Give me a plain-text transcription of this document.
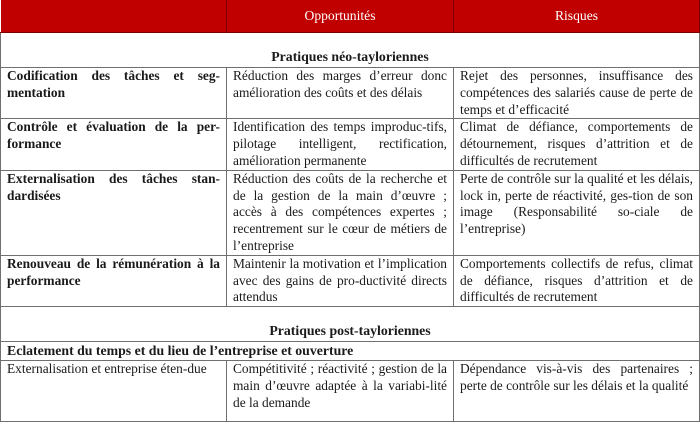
	Opportunités	Risques
Pratiques néo-tayloriennes		
Codification des tâches et seg-mentation	Réduction des marges d’erreur donc amélioration des coûts et des délais	Rejet des personnes, insuffisance des compétences des salariés cause de perte de temps et d’efficacité
Contrôle et évaluation de la per-formance	Identification des temps improduc-tifs, pilotage intelligent, rectification, amélioration permanente	Climat de défiance, comportements de détournement, risques d’attrition et de difficultés de recrutement
Externalisation des tâches stan-dardisées	Réduction des coûts de la recherche et de la gestion de la main d’œuvre ; accès à des compétences expertes ; recentrement sur le cœur de métiers de l’entreprise	Perte de contrôle sur la qualité et les délais, lock in, perte de réactivité, ges-tion de son image (Responsabilité so-ciale de l’entreprise)
Renouveau de la rémunération à la performance	Maintenir la motivation et l’implication avec des gains de pro-ductivité directs attendus	Comportements collectifs de refus, climat de défiance, risques d’attrition et de difficultés de recrutement
Pratiques post-tayloriennes		
Eclatement du temps et du lieu de l’entreprise et ouverture		
Externalisation et entreprise éten-due	Compétitivité ; réactivité ; gestion de la main d’œuvre adaptée à la variabi-lité de la demande	Dépendance vis-à-vis des partenaires ; perte de contrôle sur les délais et la qualité
